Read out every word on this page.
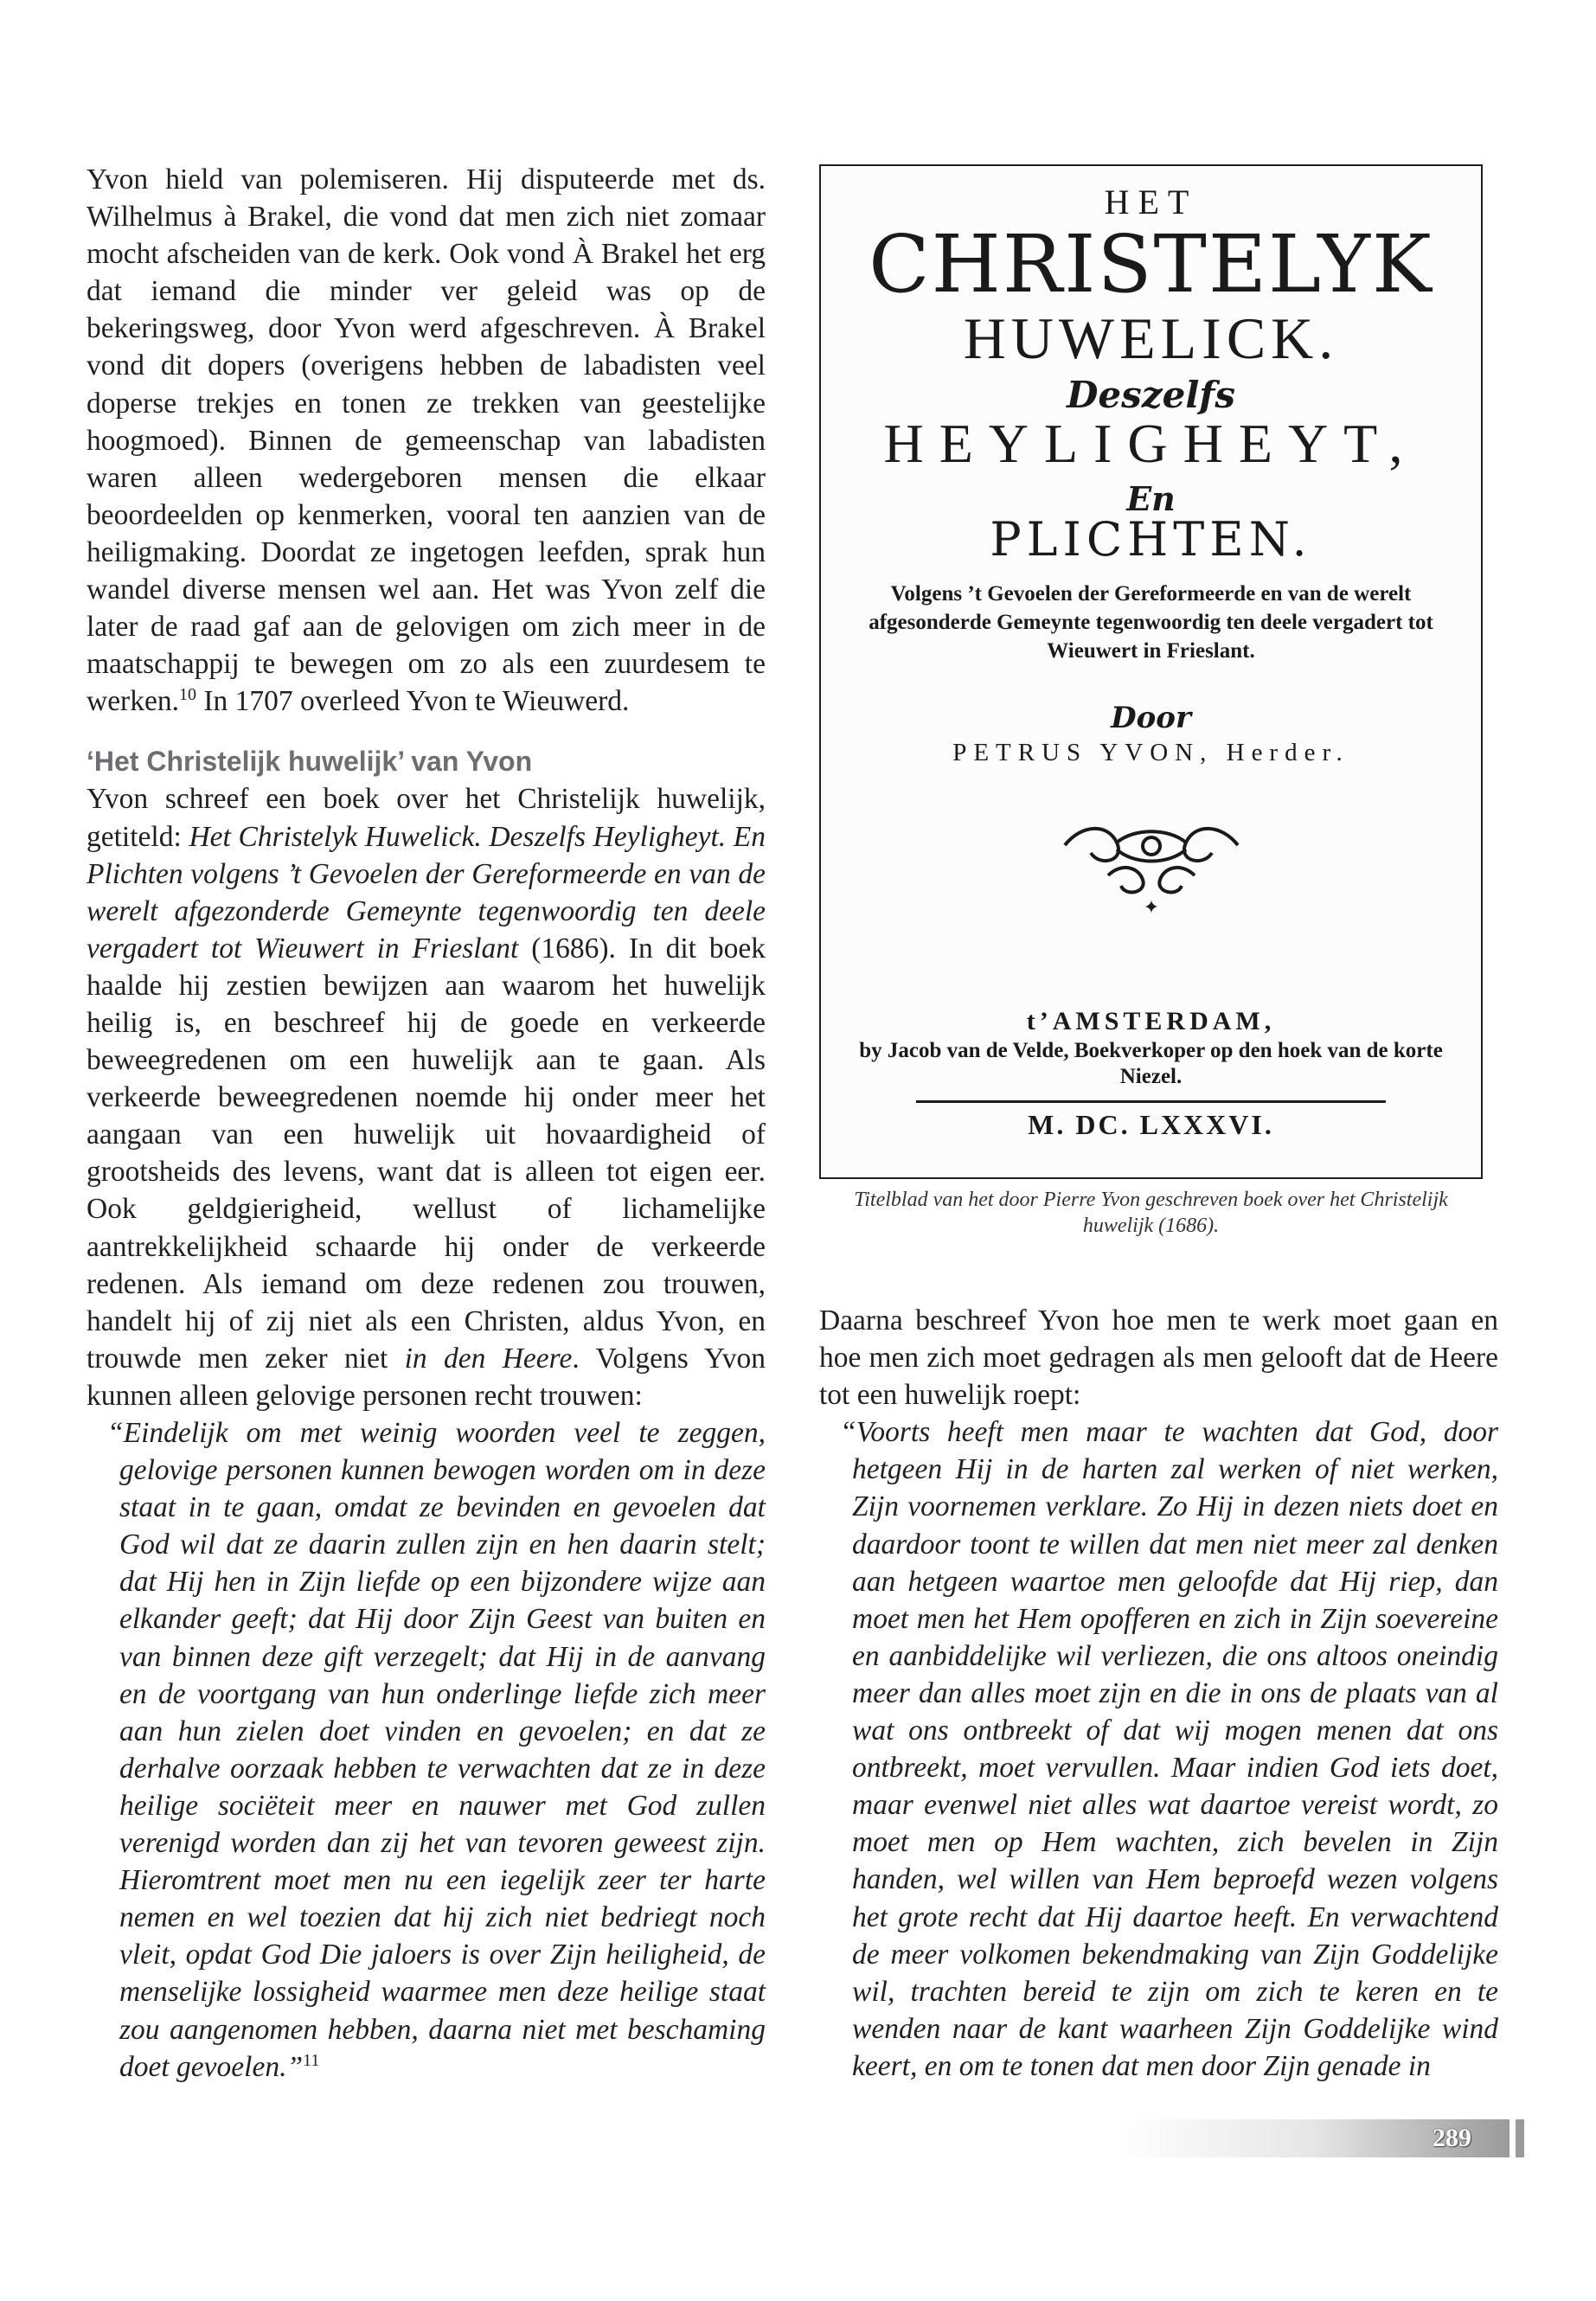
Yvon hield van polemiseren. Hij disputeerde met ds. Wilhelmus à Brakel, die vond dat men zich niet zomaar mocht afscheiden van de kerk. Ook vond À Brakel het erg dat iemand die minder ver geleid was op de bekeringsweg, door Yvon werd afgeschreven. À Brakel vond dit dopers (overigens hebben de labadisten veel doperse trekjes en tonen ze trekken van geestelijke hoogmoed). Binnen de gemeenschap van labadisten waren alleen wedergeboren mensen die elkaar beoordeelden op kenmerken, vooral ten aanzien van de heiligmaking. Doordat ze ingetogen leefden, sprak hun wandel diverse mensen wel aan. Het was Yvon zelf die later de raad gaf aan de gelovigen om zich meer in de maatschappij te bewegen om zo als een zuurdesem te werken.$^{10}$ In 1707 overleed Yvon te Wieuwerd.

‘Het Christelijk huwelijk’ van Yvon

Yvon schreef een boek over het Christelijk huwelijk, getiteld: Het Christelyk Huwelick. Deszelfs Heyligheyt. En Plichten volgens ’t Gevoelen der Gereformeerde en van de werelt afgezonderde Gemeynte tegenwoordig ten deele vergadert tot Wieuwert in Frieslant (1686). In dit boek haalde hij zestien bewijzen aan waarom het huwelijk heilig is, en beschreef hij de goede en verkeerde beweegredenen om een huwelijk aan te gaan. Als verkeerde beweegredenen noemde hij onder meer het aangaan van een huwelijk uit hovaardigheid of grootsheids des levens, want dat is alleen tot eigen eer. Ook geldgierigheid, wellust of lichamelijke aantrekkelijkheid schaarde hij onder de verkeerde redenen. Als iemand om deze redenen zou trouwen, handelt hij of zij niet als een Christen, aldus Yvon, en trouwde men zeker niet in den Heere. Volgens Yvon kunnen alleen gelovige personen recht trouwen:

“Eindelijk om met weinig woorden veel te zeggen, gelovige personen kunnen bewogen worden om in deze staat in te gaan, omdat ze bevinden en gevoelen dat God wil dat ze daarin zullen zijn en hen daarin stelt; dat Hij hen in Zijn liefde op een bijzondere wijze aan elkander geeft; dat Hij door Zijn Geest van buiten en van binnen deze gift verzegelt; dat Hij in de aanvang en de voortgang van hun onderlinge liefde zich meer aan hun zielen doet vinden en gevoelen; en dat ze derhalve oorzaak hebben te verwachten dat ze in deze heilige sociëteit meer en nauwer met God zullen verenigd worden dan zij het van tevoren geweest zijn. Hieromtrent moet men nu een iegelijk zeer ter harte nemen en wel toezien dat hij zich niet bedriegt noch vleit, opdat God Die jaloers is over Zijn heiligheid, de menselijke lossigheid waarmee men deze heilige staat zou aangenomen hebben, daarna niet met beschaming doet gevoelen.”$^{11}$

HET
CHRISTELYK
HUWELICK.
Deszelfs
HEYLIGHEYT,
En
PLICHTEN.
Volgens ’t Gevoelen der Gereformeerde en van de werelt afgesonderde Gemeynte tegenwoordig ten deele vergadert tot Wieuwert in Frieslant.
Door
PETRUS YVON, Herder.
✦
t’AMSTERDAM,
by Jacob van de Velde, Boekverkoper op den hoek van de korte Niezel.
M. DC. LXXXVI.
Titelblad van het door Pierre Yvon geschreven boek over het Christelijk huwelijk (1686).

Daarna beschreef Yvon hoe men te werk moet gaan en hoe men zich moet gedragen als men gelooft dat de Heere tot een huwelijk roept:

“Voorts heeft men maar te wachten dat God, door hetgeen Hij in de harten zal werken of niet werken, Zijn voornemen verklare. Zo Hij in dezen niets doet en daardoor toont te willen dat men niet meer zal denken aan hetgeen waartoe men geloofde dat Hij riep, dan moet men het Hem opofferen en zich in Zijn soevereine en aanbiddelijke wil verliezen, die ons altoos oneindig meer dan alles moet zijn en die in ons de plaats van al wat ons ontbreekt of dat wij mogen menen dat ons ontbreekt, moet vervullen. Maar indien God iets doet, maar evenwel niet alles wat daartoe vereist wordt, zo moet men op Hem wachten, zich bevelen in Zijn handen, wel willen van Hem beproefd wezen volgens het grote recht dat Hij daartoe heeft. En verwachtend de meer volkomen bekendmaking van Zijn Goddelijke wil, trachten bereid te zijn om zich te keren en te wenden naar de kant waarheen Zijn Goddelijke wind keert, en om te tonen dat men door Zijn genade in

289
